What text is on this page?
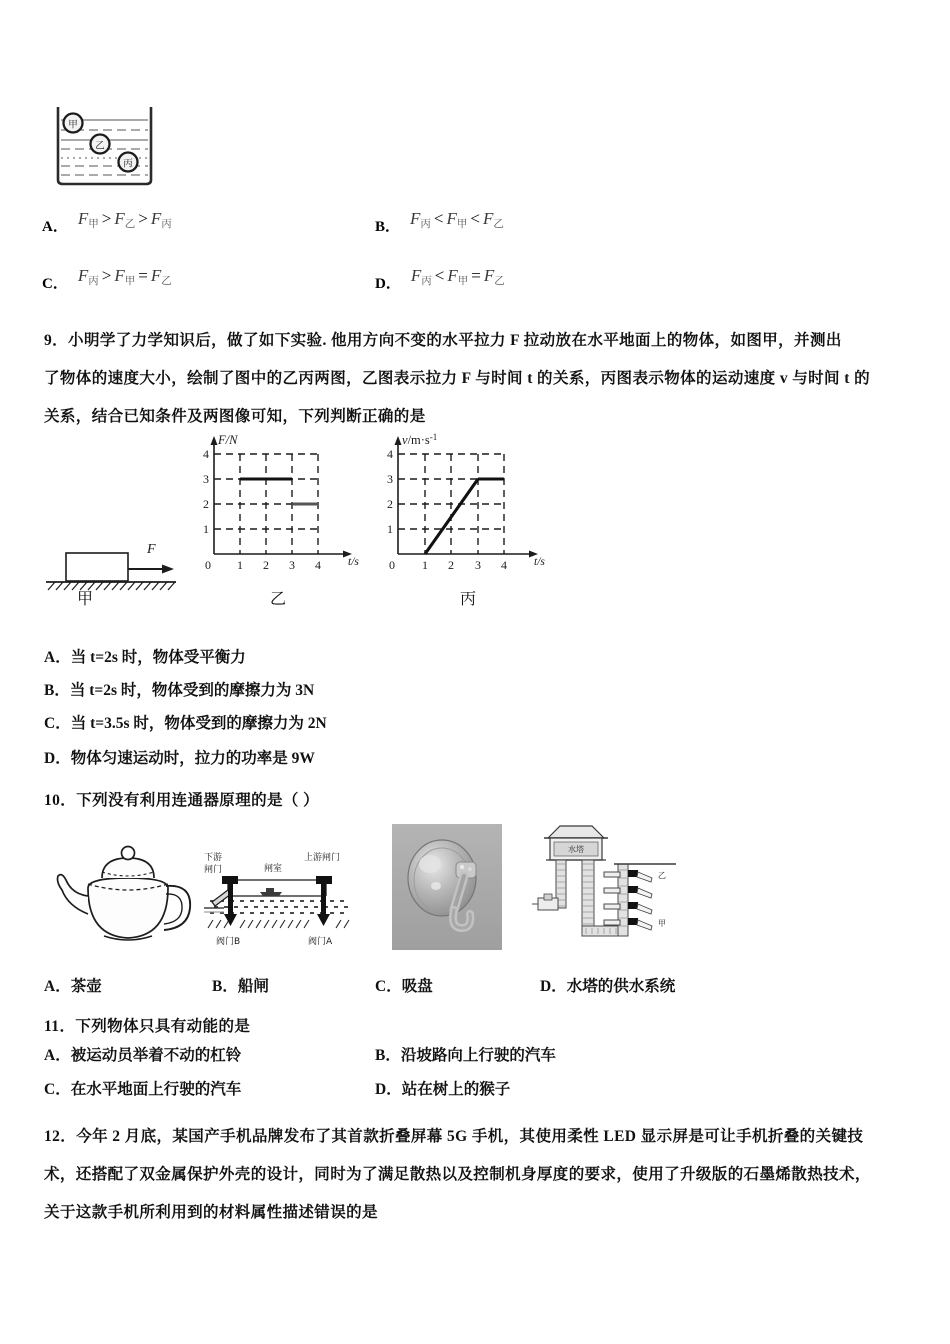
甲
乙
丙
A． $F_甲 > F_乙 > F_丙$	B． $F_丙 < F_甲 < F_乙$
C． $F_丙 > F_甲 = F_乙$	D． $F_丙 < F_甲 = F_乙$
9．小明学了力学知识后，做了如下实验. 他用方向不变的水平拉力 F 拉动放在水平地面上的物体，如图甲，并测出
了物体的速度大小，绘制了图中的乙丙两图，乙图表示拉力 F 与时间 t 的关系，丙图表示物体的运动速度 v 与时间 t 的
关系，结合已知条件及两图像可知，下列判断正确的是
F
甲
F/N
t/s
1
2
3
4
0 1 2 3 4
乙
$v/m\cdot s^{-1}$
t/s
1
2
3
4
0 1 2 3 4
丙
A．当 t=2s 时，物体受平衡力
B．当 t=2s 时，物体受到的摩擦力为 3N
C．当 t=3.5s 时，物体受到的摩擦力为 2N
D．物体匀速运动时，拉力的功率是 9W
10．下列没有利用连通器原理的是（ ）
下游
闸门	闸室
上游闸门
阀门B	阀门A
水塔
乙
甲
A．茶壶	B．船闸	C．吸盘	D．水塔的供水系统
11．下列物体只具有动能的是
A．被运动员举着不动的杠铃	B．沿坡路向上行驶的汽车
C．在水平地面上行驶的汽车	D．站在树上的猴子
12．今年 2 月底，某国产手机品牌发布了其首款折叠屏幕 5G 手机，其使用柔性 LED 显示屏是可让手机折叠的关键技
术，还搭配了双金属保护外壳的设计，同时为了满足散热以及控制机身厚度的要求，使用了升级版的石墨烯散热技术，
关于这款手机所利用到的材料属性描述错误的是
